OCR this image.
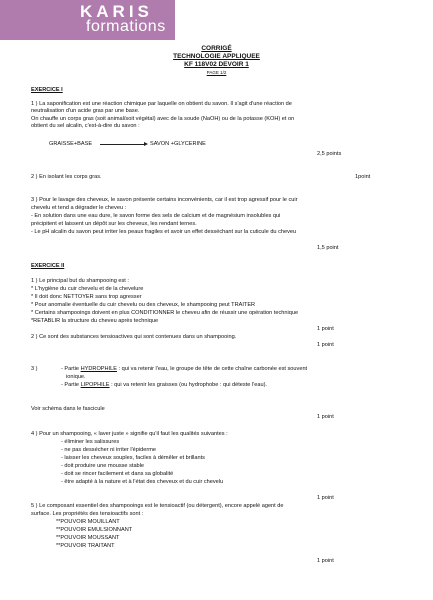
KARIS
formations
CORRIGÉ
TECHNOLOGIE APPLIQUEE
KF 118V02 DEVOIR 1
PAGE 1/2
EXERCICE I
1 ) La saponification est une réaction chimique par laquelle on obtient du savon. Il s'agit d'une réaction de
neutralisation d'un acide gras par une base.
On chauffe un corps gras (soit animal/soit végétal) avec de la soude (NaOH) ou de la potasse (KOH) et on
obtient du sel alcalin, c'est-à-dire du savon :
GRAISSE+BASE → SAVON +GLYCERINE
2,5 points
2 ) En isolant les corps gras.	1point
3 ) Pour le lavage des cheveux, le savon présente certains inconvénients, car il est trop agressif pour le cuir
chevelu et tend a dégrader le cheveu :
- En solution dans une eau dure, le savon forme des sels de calcium et de magnésium insolubles qui
précipitent et laissent un dépôt sur les cheveux, les rendant ternes.
- Le pH alcalin du savon peut irriter les peaux fragiles et avoir un effet desséchant sur la cuticule du cheveu
1,5 point
EXERCICE II
1 ) Le principal but du shampooing est :
* L'hygiène du cuir chevelu et de la chevelure
* Il doit donc NETTOYER sans trop agresser
* Pour anomalie éventuelle du cuir chevelu ou des cheveux, le shampooing peut TRAITER
* Certains shampooings doivent en plus CONDITIONNER le cheveu afin de réussir une opération technique
*RETABLIR la structure du cheveu après technique
1 point
2 ) Ce sont des substances tensioactives qui sont contenues dans un shampooing.
1 point
3 )	- Partie HYDROPHILE : qui va retenir l'eau, le groupe de tête de cette chaîne carbonée est souvent
ionique.
- Partie LIPOPHILE : qui va retenir les graisses (ou hydrophobe : qui déteste l'eau).
Voir schéma dans le fascicule
1 point
4 ) Pour un shampooing, « laver juste » signifie qu'il faut les qualités suivantes :
- éliminer les salissures
- ne pas dessécher ni irriter l'épiderme
- laisser les cheveux souples, faciles à démêler et brillants
- doit produire une mousse stable
- doit se rincer facilement et dans sa globalité
- être adapté à la nature et à l'état des cheveux et du cuir chevelu
1 point
5 ) Le composant essentiel des shampooings est le tensioactif (ou détergent), encore appelé agent de
surface. Les propriétés des tensioactifs sont :
**POUVOIR MOUILLANT
**POUVOIR EMULSIONNANT
**POUVOIR MOUSSANT
**POUVOIR TRAITANT
1 point
